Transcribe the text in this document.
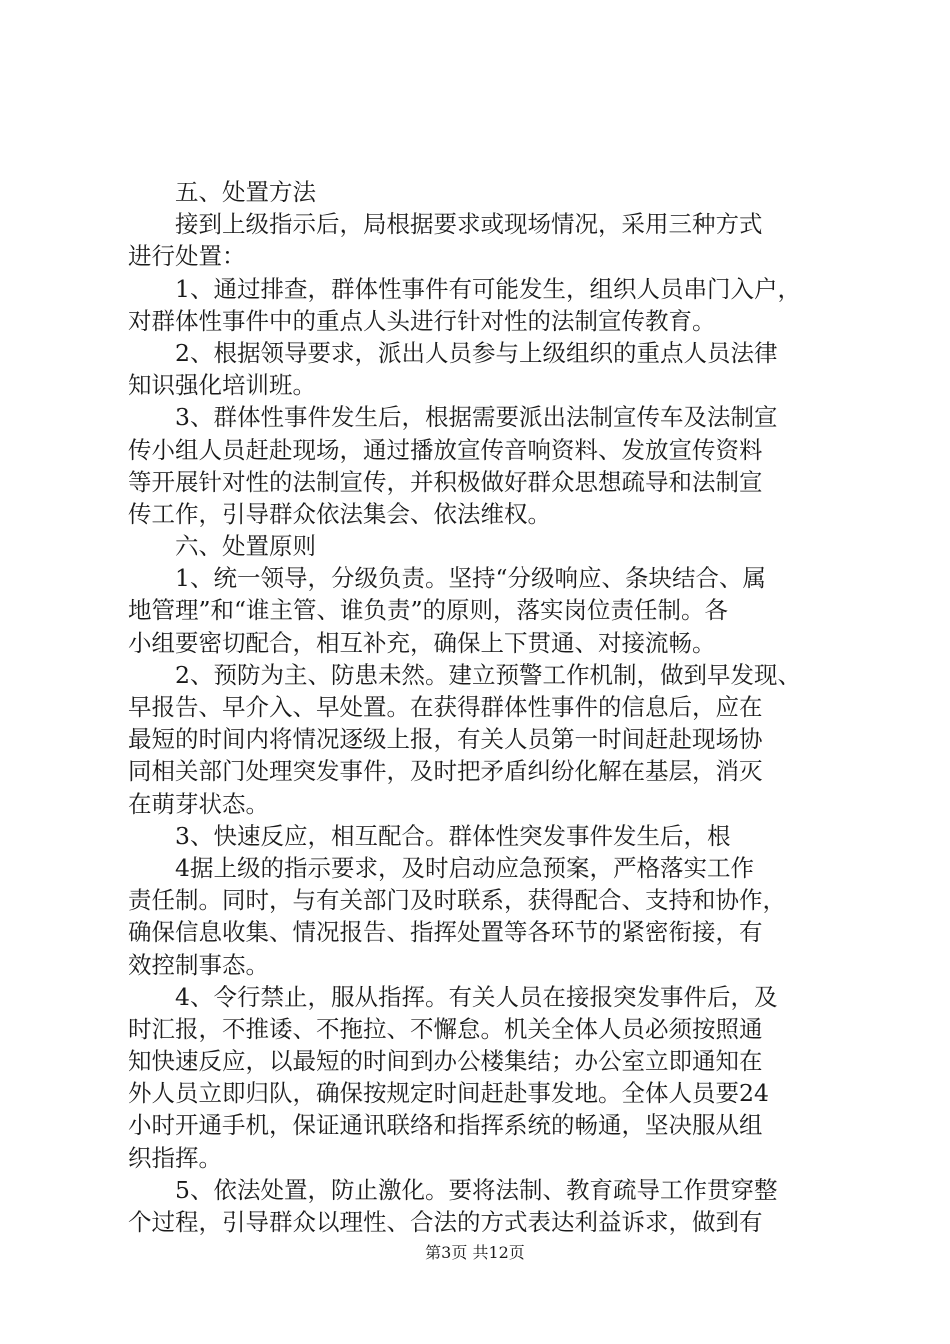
　　五、处置方法
　　接到上级指示后，局根据要求或现场情况，采用三种方式
进行处置：
　　1、通过排查，群体性事件有可能发生，组织人员串门入户，
对群体性事件中的重点人头进行针对性的法制宣传教育。
　　2、根据领导要求，派出人员参与上级组织的重点人员法律
知识强化培训班。
　　3、群体性事件发生后，根据需要派出法制宣传车及法制宣
传小组人员赶赴现场，通过播放宣传音响资料、发放宣传资料
等开展针对性的法制宣传，并积极做好群众思想疏导和法制宣
传工作，引导群众依法集会、依法维权。
　　六、处置原则
　　1、统一领导，分级负责。坚持“分级响应、条块结合、属
地管理”和“谁主管、谁负责”的原则，落实岗位责任制。各
小组要密切配合，相互补充，确保上下贯通、对接流畅。
　　2、预防为主、防患未然。建立预警工作机制，做到早发现、
早报告、早介入、早处置。在获得群体性事件的信息后，应在
最短的时间内将情况逐级上报，有关人员第一时间赶赴现场协
同相关部门处理突发事件，及时把矛盾纠纷化解在基层，消灭
在萌芽状态。
　　3、快速反应，相互配合。群体性突发事件发生后，根
　　4据上级的指示要求，及时启动应急预案，严格落实工作
责任制。同时，与有关部门及时联系，获得配合、支持和协作，
确保信息收集、情况报告、指挥处置等各环节的紧密衔接，有
效控制事态。
　　4、令行禁止，服从指挥。有关人员在接报突发事件后，及
时汇报，不推诿、不拖拉、不懈怠。机关全体人员必须按照通
知快速反应，以最短的时间到办公楼集结；办公室立即通知在
外人员立即归队，确保按规定时间赶赴事发地。全体人员要24
小时开通手机，保证通讯联络和指挥系统的畅通，坚决服从组
织指挥。
　　5、依法处置，防止激化。要将法制、教育疏导工作贯穿整
个过程，引导群众以理性、合法的方式表达利益诉求，做到有
第3页 共12页
